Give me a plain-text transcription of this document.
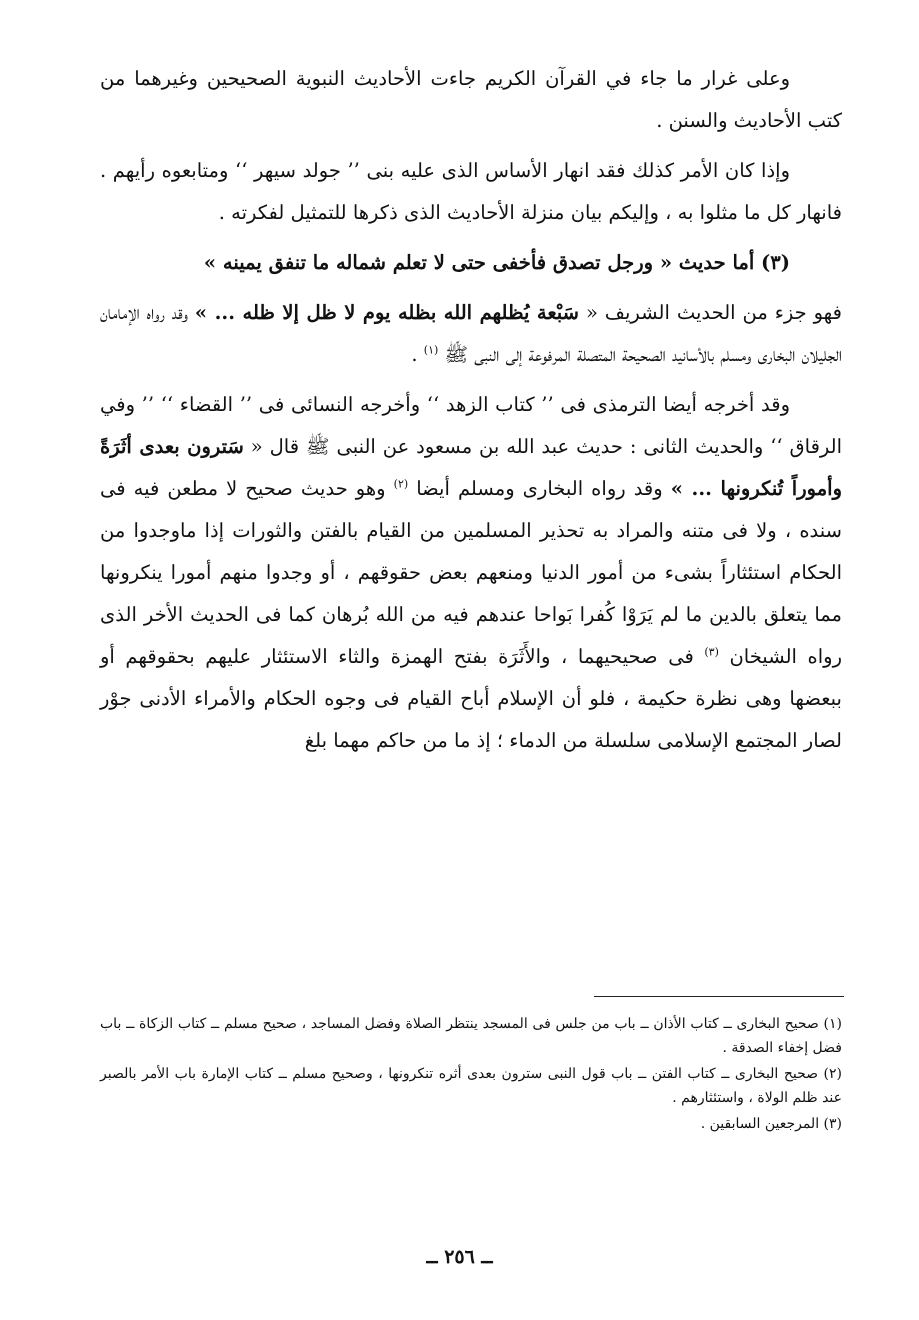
وعلى غرار ما جاء في القرآن الكريم جاءت الأحاديث النبوية الصحيحين وغيرهما من كتب الأحاديث والسنن .

وإذا كان الأمر كذلك فقد انهار الأساس الذى عليه بنى ’’ جولد سيهر ‘‘ ومتابعوه رأيهم . فانهار كل ما مثلوا به ، وإليكم بيان منزلة الأحاديث الذى ذكرها للتمثيل لفكرته .

(٣) أما حديث « ورجل تصدق فأخفى حتى لا تعلم شماله ما تنفق يمينه »

فهو جزء من الحديث الشريف « سَبْعة يُظلهم الله بظله يوم لا ظل إلا ظله ... » وقد رواه الإمامان الجليلان البخارى ومسلم بالأسانيد الصحيحة المتصلة المرفوعة إلى النبى ﷺ $^{(١)}$ .

وقد أخرجه أيضا الترمذى فى ’’ كتاب الزهد ‘‘ وأخرجه النسائى فى ’’ القضاء ‘‘ ’’ وفي الرقاق ‘‘ والحديث الثانى : حديث عبد الله بن مسعود عن النبى ﷺ قال « سَترون بعدى أثَرَةً وأموراً تُنكرونها ... » وقد رواه البخارى ومسلم أيضا $^{(٢)}$ وهو حديث صحيح لا مطعن فيه فى سنده ، ولا فى متنه والمراد به تحذير المسلمين من القيام بالفتن والثورات إذا ماوجدوا من الحكام استئثاراً بشىء من أمور الدنيا ومنعهم بعض حقوقهم ، أو وجدوا منهم أمورا ينكرونها مما يتعلق بالدين ما لم يَرَوْا كُفرا بَواحا عندهم فيه من الله بُرهان كما فى الحديث الأخر الذى رواه الشيخان $^{(٣)}$ فى صحيحيهما ، والأَثَرَة بفتح الهمزة والثاء الاستئثار عليهم بحقوقهم أو ببعضها وهى نظرة حكيمة ، فلو أن الإسلام أباح القيام فى وجوه الحكام والأمراء الأدنى جوْر لصار المجتمع الإسلامى سلسلة من الدماء ؛ إذ ما من حاكم مهما بلغ

(١) صحيح البخارى ــ كتاب الأذان ــ باب من جلس فى المسجد ينتظر الصلاة وفضل المساجد ، صحيح مسلم ــ كتاب الزكاة ــ باب فضل إخفاء الصدقة .

(٢) صحيح البخارى ــ كتاب الفتن ــ باب قول النبى سترون بعدى أثره تنكرونها ، وصحيح مسلم ــ كتاب الإمارة باب الأمر بالصبر عند ظلم الولاة ، واستئثارهم .

(٣) المرجعين السابقين .

ــ ٢٥٦ ــ
